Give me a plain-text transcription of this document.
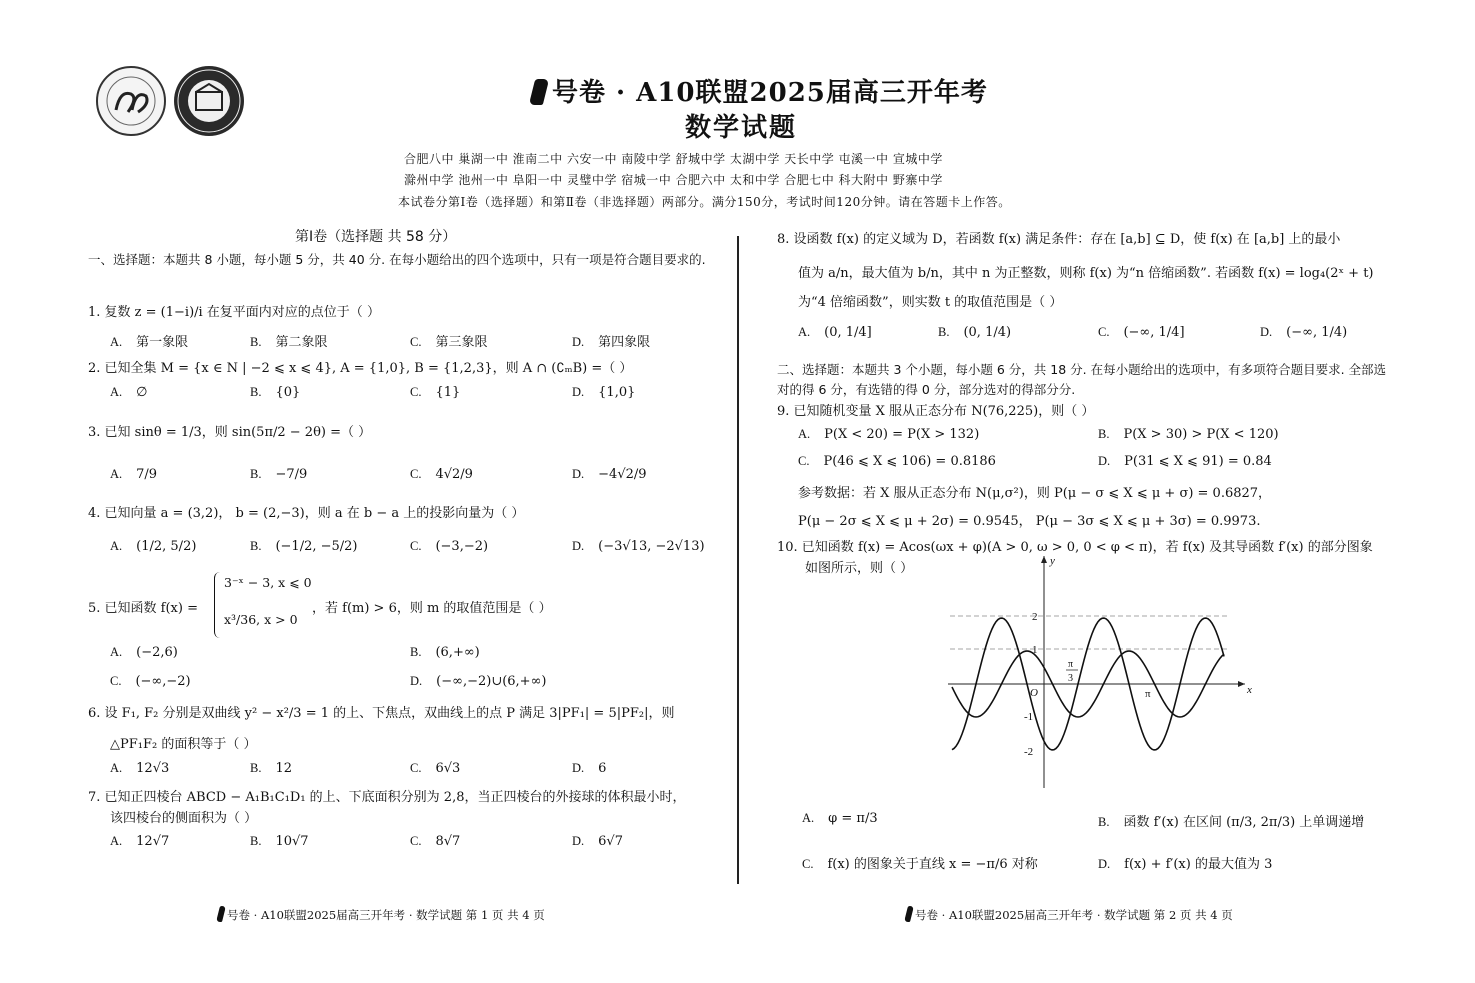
号卷 · A10联盟2025届高三开年考
数学试题
合肥八中 巢湖一中 淮南二中 六安一中 南陵中学 舒城中学 太湖中学 天长中学 屯溪一中 宣城中学
滁州中学 池州一中 阜阳一中 灵璧中学 宿城一中 合肥六中 太和中学 合肥七中 科大附中 野寨中学
本试卷分第Ⅰ卷（选择题）和第Ⅱ卷（非选择题）两部分。满分150分，考试时间120分钟。请在答题卡上作答。
第Ⅰ卷（选择题 共 58 分）
一、选择题：本题共 8 小题，每小题 5 分，共 40 分. 在每小题给出的四个选项中，只有一项是符合题目要求的.
1. 复数 z = (1−i)/i 在复平面内对应的点位于（ ）
A. 第一象限	B. 第二象限	C. 第三象限	D. 第四象限
2. 已知全集 M = {x ∈ N | −2 ⩽ x ⩽ 4}, A = {1,0}, B = {1,2,3}，则 A ∩ (∁ₘB) =（ ）
A. ∅	B. {0}	C. {1}	D. {1,0}
3. 已知 sinθ = 1/3，则 sin(5π/2 − 2θ) =（ ）
A. 7/9	B. −7/9	C. 4√2/9	D. −4√2/9
4. 已知向量 a = (3,2)， b = (2,−3)，则 a 在 b − a 上的投影向量为（ ）
A. (1/2, 5/2)	B. (−1/2, −5/2)	C. (−3,−2)	D. (−3√13, −2√13)
5. 已知函数 f(x) =
3⁻ˣ − 3, x ⩽ 0
x³/36, x > 0
，若 f(m) > 6，则 m 的取值范围是（ ）
A. (−2,6)	B. (6,+∞)
C. (−∞,−2)	D. (−∞,−2)∪(6,+∞)
6. 设 F₁, F₂ 分别是双曲线 y² − x²/3 = 1 的上、下焦点，双曲线上的点 P 满足 3|PF₁| = 5|PF₂|，则
△PF₁F₂ 的面积等于（ ）
A. 12√3	B. 12	C. 6√3	D. 6
7. 已知正四棱台 ABCD − A₁B₁C₁D₁ 的上、下底面积分别为 2,8，当正四棱台的外接球的体积最小时，
该四棱台的侧面积为（ ）
A. 12√7	B. 10√7	C. 8√7	D. 6√7
8. 设函数 f(x) 的定义域为 D，若函数 f(x) 满足条件：存在 [a,b] ⊆ D，使 f(x) 在 [a,b] 上的最小
值为 a/n，最大值为 b/n，其中 n 为正整数，则称 f(x) 为“n 倍缩函数”. 若函数 f(x) = log₄(2ˣ + t)
为“4 倍缩函数”，则实数 t 的取值范围是（ ）
A. (0, 1/4]	B. (0, 1/4)	C. (−∞, 1/4]	D. (−∞, 1/4)
二、选择题：本题共 3 个小题，每小题 6 分，共 18 分. 在每小题给出的选项中，有多项符合题目要求. 全部选对的得 6 分，有选错的得 0 分，部分选对的得部分分.
9. 已知随机变量 X 服从正态分布 N(76,225)，则（ ）
A. P(X < 20) = P(X > 132)	B. P(X > 30) > P(X < 120)
C. P(46 ⩽ X ⩽ 106) = 0.8186	D. P(31 ⩽ X ⩽ 91) = 0.84
参考数据：若 X 服从正态分布 N(μ,σ²)，则 P(μ − σ ⩽ X ⩽ μ + σ) = 0.6827，
P(μ − 2σ ⩽ X ⩽ μ + 2σ) = 0.9545， P(μ − 3σ ⩽ X ⩽ μ + 3σ) = 0.9973.
10. 已知函数 f(x) = Acos(ωx + φ)(A > 0, ω > 0, 0 < φ < π)，若 f(x) 及其导函数 f′(x) 的部分图象
如图所示，则（ ）	y
x
O
2
1
-1
-2
π
π
3
A. φ = π/3	B. 函数 f′(x) 在区间 (π/3, 2π/3) 上单调递增
C. f(x) 的图象关于直线 x = −π/6 对称	D. f(x) + f′(x) 的最大值为 3
号卷 · A10联盟2025届高三开年考 · 数学试题 第 1 页 共 4 页	号卷 · A10联盟2025届高三开年考 · 数学试题 第 2 页 共 4 页
